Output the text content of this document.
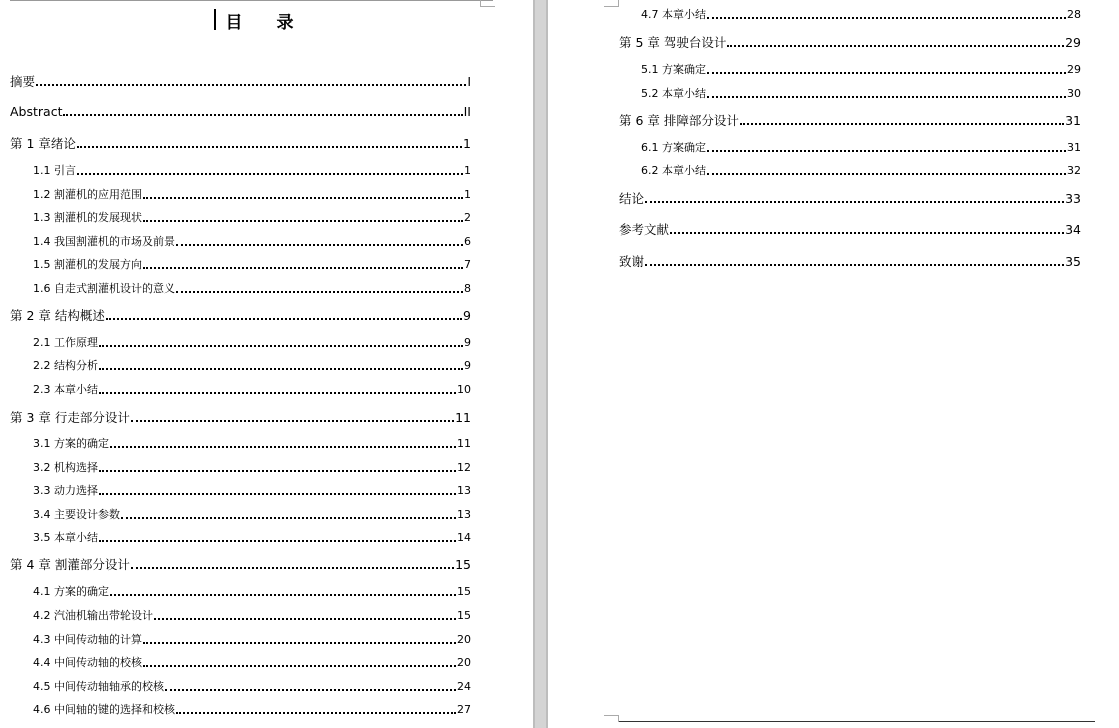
目 录
摘要	I
Abstract	II
第 1 章绪论	1
1.1 引言	1
1.2 割灌机的应用范围	1
1.3 割灌机的发展现状	2
1.4 我国割灌机的市场及前景	6
1.5 割灌机的发展方向	7
1.6 自走式割灌机设计的意义	8
第 2 章 结构概述	9
2.1 工作原理	9
2.2 结构分析	9
2.3 本章小结	10
第 3 章 行走部分设计	11
3.1 方案的确定	11
3.2 机构选择	12
3.3 动力选择	13
3.4 主要设计参数	13
3.5 本章小结	14
第 4 章 割灌部分设计	15
4.1 方案的确定	15
4.2 汽油机输出带轮设计	15
4.3 中间传动轴的计算	20
4.4 中间传动轴的校核	20
4.5 中间传动轴轴承的校核	24
4.6 中间轴的键的选择和校核	27
4.7 本章小结	28
第 5 章 驾驶台设计	29
5.1 方案确定	29
5.2 本章小结	30
第 6 章 排障部分设计	31
6.1 方案确定	31
6.2 本章小结	32
结论	33
参考文献	34
致谢	35
